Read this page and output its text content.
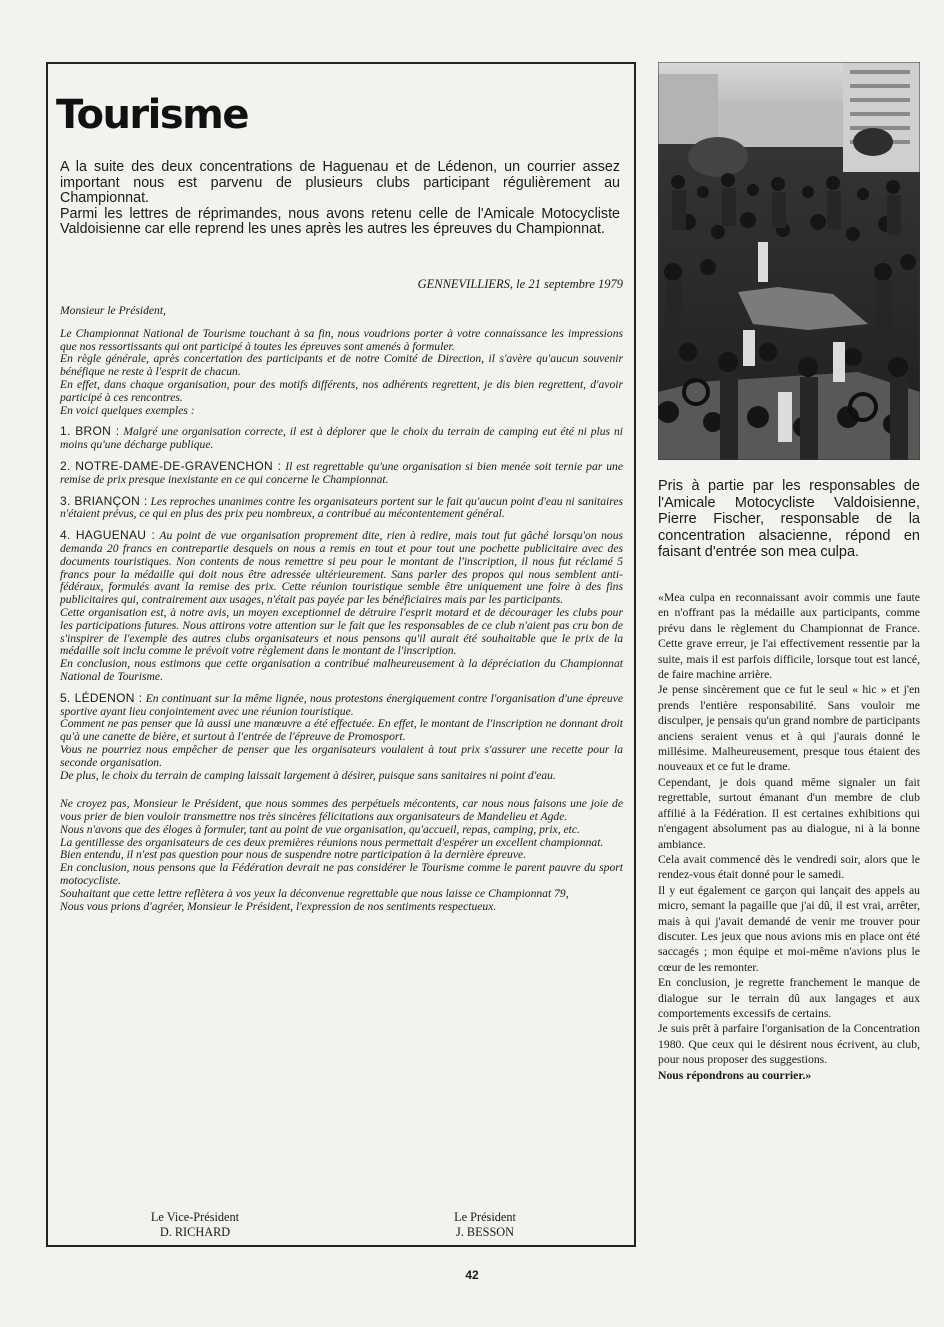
Tourisme

A la suite des deux concentrations de Haguenau et de Lédenon, un courrier assez important nous est parvenu de plusieurs clubs participant régulièrement au Championnat.

Parmi les lettres de réprimandes, nous avons retenu celle de l'Amicale Motocycliste Valdoisienne car elle reprend les unes après les autres les épreuves du Championnat.

GENNEVILLIERS, le 21 septembre 1979

Monsieur le Président,

Le Championnat National de Tourisme touchant à sa fin, nous voudrions porter à votre connaissance les impressions que nos ressortissants qui ont participé à toutes les épreuves sont amenés à formuler.

En règle générale, après concertation des participants et de notre Comité de Direction, il s'avère qu'aucun souvenir bénéfique ne reste à l'esprit de chacun.

En effet, dans chaque organisation, pour des motifs différents, nos adhérents regrettent, je dis bien regrettent, d'avoir participé à ces rencontres.

En voici quelques exemples :

1. BRON : Malgré une organisation correcte, il est à déplorer que le choix du terrain de camping eut été ni plus ni moins qu'une décharge publique.

2. NOTRE-DAME-DE-GRAVENCHON : Il est regrettable qu'une organisation si bien menée soit ternie par une remise de prix presque inexistante en ce qui concerne le Championnat.

3. BRIANÇON : Les reproches unanimes contre les organisateurs portent sur le fait qu'aucun point d'eau ni sanitaires n'étaient prévus, ce qui en plus des prix peu nombreux, a contribué au mécontentement général.

4. HAGUENAU : Au point de vue organisation proprement dite, rien à redire, mais tout fut gâché lorsqu'on nous demanda 20 francs en contrepartie desquels on nous a remis en tout et pour tout une pochette publicitaire avec des documents touristiques. Non contents de nous remettre si peu pour le montant de l'inscription, il nous fut réclamé 5 francs pour la médaille qui doit nous être adressée ultérieurement. Sans parler des propos qui nous semblent anti-fédéraux, formulés avant la remise des prix. Cette réunion touristique semble être uniquement une foire à des fins publicitaires qui, contrairement aux usages, n'était pas payée par les bénéficiaires mais par les participants.

Cette organisation est, à notre avis, un moyen exceptionnel de détruire l'esprit motard et de décourager les clubs pour les participations futures. Nous attirons votre attention sur le fait que les responsables de ce club n'aient pas cru bon de s'inspirer de l'exemple des autres clubs organisateurs et nous pensons qu'il aurait été souhaitable que le prix de la médaille soit inclu comme le prévoit votre règlement dans le montant de l'inscription.

En conclusion, nous estimons que cette organisation a contribué malheureusement à la dépréciation du Championnat National de Tourisme.

5. LÉDENON : En continuant sur la même lignée, nous protestons énergiquement contre l'organisation d'une épreuve sportive ayant lieu conjointement avec une réunion touristique.

Comment ne pas penser que là aussi une manœuvre a été effectuée. En effet, le montant de l'inscription ne donnant droit qu'à une canette de bière, et surtout à l'entrée de l'épreuve de Promosport.

Vous ne pourriez nous empêcher de penser que les organisateurs voulaient à tout prix s'assurer une recette pour la seconde organisation.

De plus, le choix du terrain de camping laissait largement à désirer, puisque sans sanitaires ni point d'eau.

Ne croyez pas, Monsieur le Président, que nous sommes des perpétuels mécontents, car nous nous faisons une joie de vous prier de bien vouloir transmettre nos très sincères félicitations aux organisateurs de Mandelieu et Agde.

Nous n'avons que des éloges à formuler, tant au point de vue organisation, qu'accueil, repas, camping, prix, etc.

La gentillesse des organisateurs de ces deux premières réunions nous permettait d'espérer un excellent championnat.

Bien entendu, il n'est pas question pour nous de suspendre notre participation à la dernière épreuve.

En conclusion, nous pensons que la Fédération devrait ne pas considérer le Tourisme comme le parent pauvre du sport motocycliste.

Souhaitant que cette lettre reflètera à vos yeux la déconvenue regrettable que nous laisse ce Championnat 79,

Nous vous prions d'agréer, Monsieur le Président, l'expression de nos sentiments respectueux.

Le Vice-Président
D. RICHARD
Le Président
J. BESSON

Pris à partie par les responsables de l'Amicale Motocycliste Valdoisienne, Pierre Fischer, responsable de la concentration alsacienne, répond en faisant d'entrée son mea culpa.

«Mea culpa en reconnaissant avoir commis une faute en n'offrant pas la médaille aux participants, comme prévu dans le règlement du Championnat de France. Cette grave erreur, je l'ai effectivement ressentie par la suite, mais il est parfois difficile, lorsque tout est lancé, de faire machine arrière.

Je pense sincèrement que ce fut le seul « hic » et j'en prends l'entière responsabilité. Sans vouloir me disculper, je pensais qu'un grand nombre de participants anciens seraient venus et à qui j'aurais donné le millésime. Malheureusement, presque tous étaient des nouveaux et ce fut le drame.

Cependant, je dois quand même signaler un fait regrettable, surtout émanant d'un membre de club affilié à la Fédération. Il est certaines exhibitions qui n'engagent absolument pas au dialogue, ni à la bonne ambiance.

Cela avait commencé dès le vendredi soir, alors que le rendez-vous était donné pour le samedi.

Il y eut également ce garçon qui lançait des appels au micro, semant la pagaille que j'ai dû, il est vrai, arrêter, mais à qui j'avait demandé de venir me trouver pour discuter. Les jeux que nous avions mis en place ont été saccagés ; mon équipe et moi-même n'avions plus le cœur de les remonter.

En conclusion, je regrette franchement le manque de dialogue sur le terrain dû aux langages et aux comportements excessifs de certains.

Je suis prêt à parfaire l'organisation de la Concentration 1980. Que ceux qui le désirent nous écrivent, au club, pour nous proposer des suggestions.

Nous répondrons au courrier.»

42
